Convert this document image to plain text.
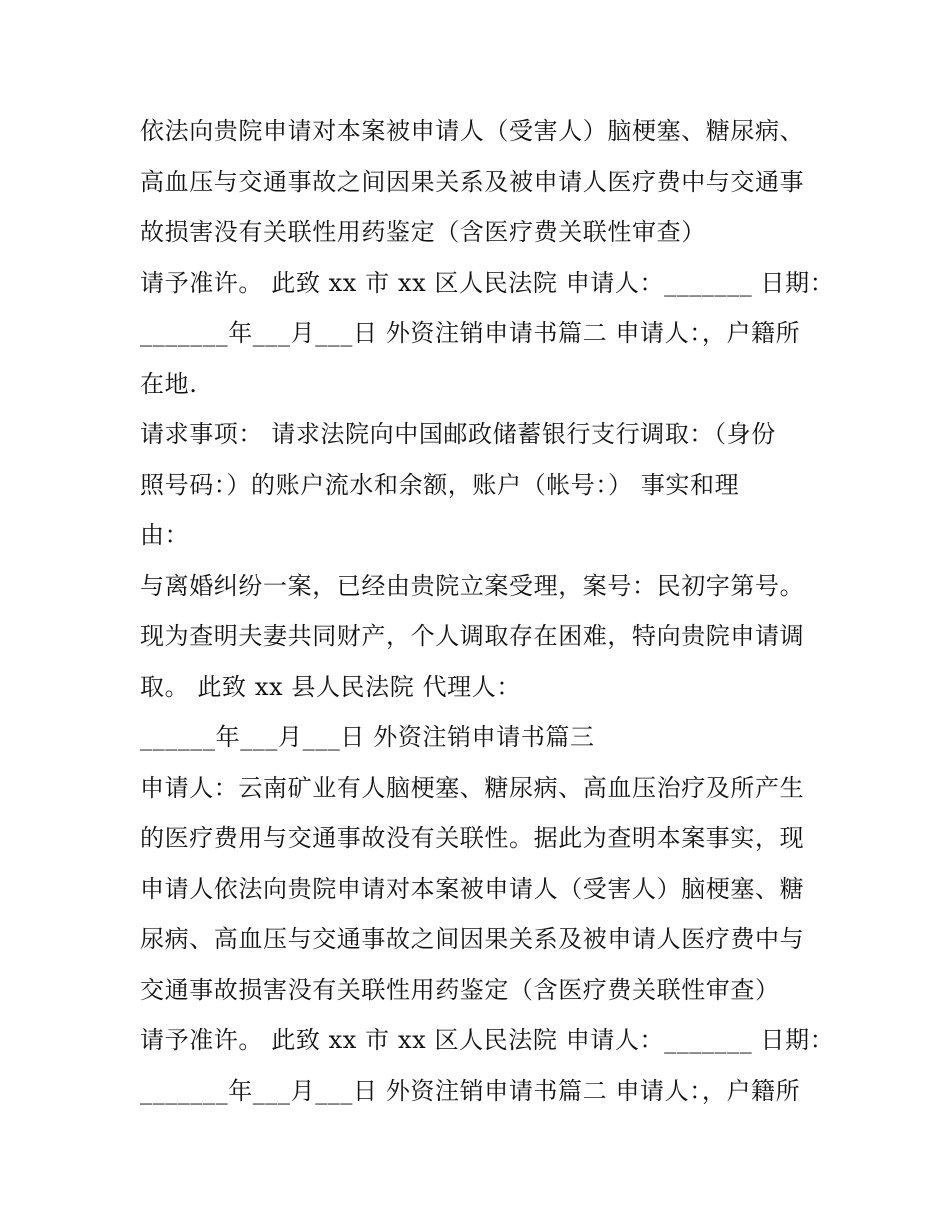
依法向贵院申请对本案被申请人（受害人）脑梗塞、糖尿病、
高血压与交通事故之间因果关系及被申请人医疗费中与交通事
故损害没有关联性用药鉴定（含医疗费关联性审查）
请予准许。 此致 xx 市 xx 区人民法院 申请人：_______ 日期：
_______年___月___日 外资注销申请书篇二 申请人：，户籍所
在地.
请求事项： 请求法院向中国邮政储蓄银行支行调取：（身份
照号码：）的账户流水和余额，账户（帐号：） 事实和理
由：
与离婚纠纷一案，已经由贵院立案受理，案号：民初字第号。
现为查明夫妻共同财产，个人调取存在困难，特向贵院申请调
取。 此致 xx 县人民法院 代理人：
______年___月___日 外资注销申请书篇三
申请人：云南矿业有人脑梗塞、糖尿病、高血压治疗及所产生
的医疗费用与交通事故没有关联性。据此为查明本案事实，现
申请人依法向贵院申请对本案被申请人（受害人）脑梗塞、糖
尿病、高血压与交通事故之间因果关系及被申请人医疗费中与
交通事故损害没有关联性用药鉴定（含医疗费关联性审查）
请予准许。 此致 xx 市 xx 区人民法院 申请人：_______ 日期：
_______年___月___日 外资注销申请书篇二 申请人：，户籍所
